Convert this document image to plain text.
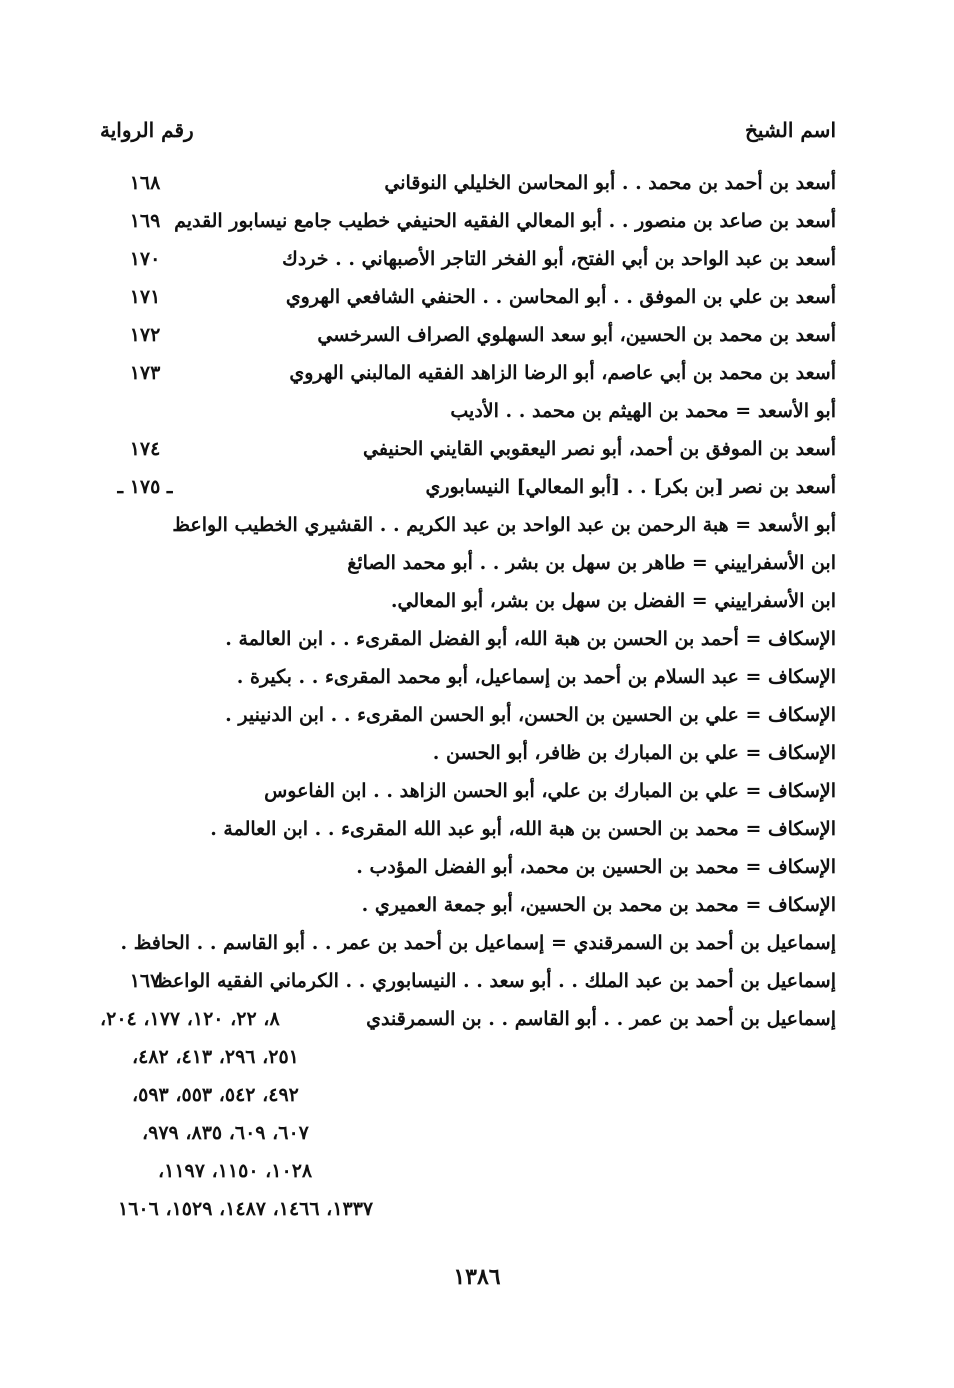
اسم الشيخ
رقم الرواية
أسعد بن أحمد بن محمد . . أبو المحاسن الخليلي النوقاني
١٦٨
أسعد بن صاعد بن منصور . . أبو المعالي الفقيه الحنيفي خطيب جامع نيسابور القديم
١٦٩
أسعد بن عبد الواحد بن أبي الفتح، أبو الفخر التاجر الأصبهاني . . خردك
١٧٠
أسعد بن علي بن الموفق . . أبو المحاسن . . الحنفي الشافعي الهروي
١٧١
أسعد بن محمد بن الحسين، أبو سعد السهلوي الصراف السرخسي
١٧٢
أسعد بن محمد بن أبي عاصم، أبو الرضا الزاهد الفقيه المالبني الهروي
١٧٣
أبو الأسعد = محمد بن الهيثم بن محمد . . الأديب
أسعد بن الموفق بن أحمد، أبو نصر اليعقوبي القايني الحنيفي
١٧٤
أسعد بن نصر [بن بكر] . . [أبو المعالي] النيسابوري
ـ ١٧٥ ـ
أبو الأسعد = هبة الرحمن بن عبد الواحد بن عبد الكريم . . القشيري الخطيب الواعظ
ابن الأسفراييني = طاهر بن سهل بن بشر . . أبو محمد الصائغ
ابن الأسفراييني = الفضل بن سهل بن بشر، أبو المعالي.
الإسكاف = أحمد بن الحسن بن هبة الله، أبو الفضل المقرىء . . ابن العالمة .
الإسكاف = عبد السلام بن أحمد بن إسماعيل، أبو محمد المقرىء . . بكيرة .
الإسكاف = علي بن الحسين بن الحسن، أبو الحسن المقرىء . . ابن الدنينير .
الإسكاف = علي بن المبارك بن ظافر، أبو الحسن .
الإسكاف = علي بن المبارك بن علي، أبو الحسن الزاهد . . ابن الفاعوس
الإسكاف = محمد بن الحسن بن هبة الله، أبو عبد الله المقرىء . . ابن العالمة .
الإسكاف = محمد بن الحسين بن محمد، أبو الفضل المؤدب .
الإسكاف = محمد بن محمد بن الحسين، أبو جمعة العميري .
إسماعيل بن أحمد بن السمرقندي = إسماعيل بن أحمد بن عمر . . أبو القاسم . . الحافظ .
إسماعيل بن أحمد بن عبد الملك . . أبو سعد . . النيسابوري . . الكرماني الفقيه الواعظ
١٦٧
إسماعيل بن أحمد بن عمر . . أبو القاسم . . بن السمرقندي
٨، ٢٢، ١٢٠، ١٧٧، ٢٠٤،
٢٥١، ٢٩٦، ٤١٣، ٤٨٢،
٤٩٢، ٥٤٢، ٥٥٣، ٥٩٣،
٦٠٧، ٦٠٩، ٨٣٥، ٩٧٩،
١٠٢٨، ١١٥٠، ١١٩٧،
١٣٣٧، ١٤٦٦، ١٤٨٧، ١٥٢٩، ١٦٠٦
١٣٨٦
